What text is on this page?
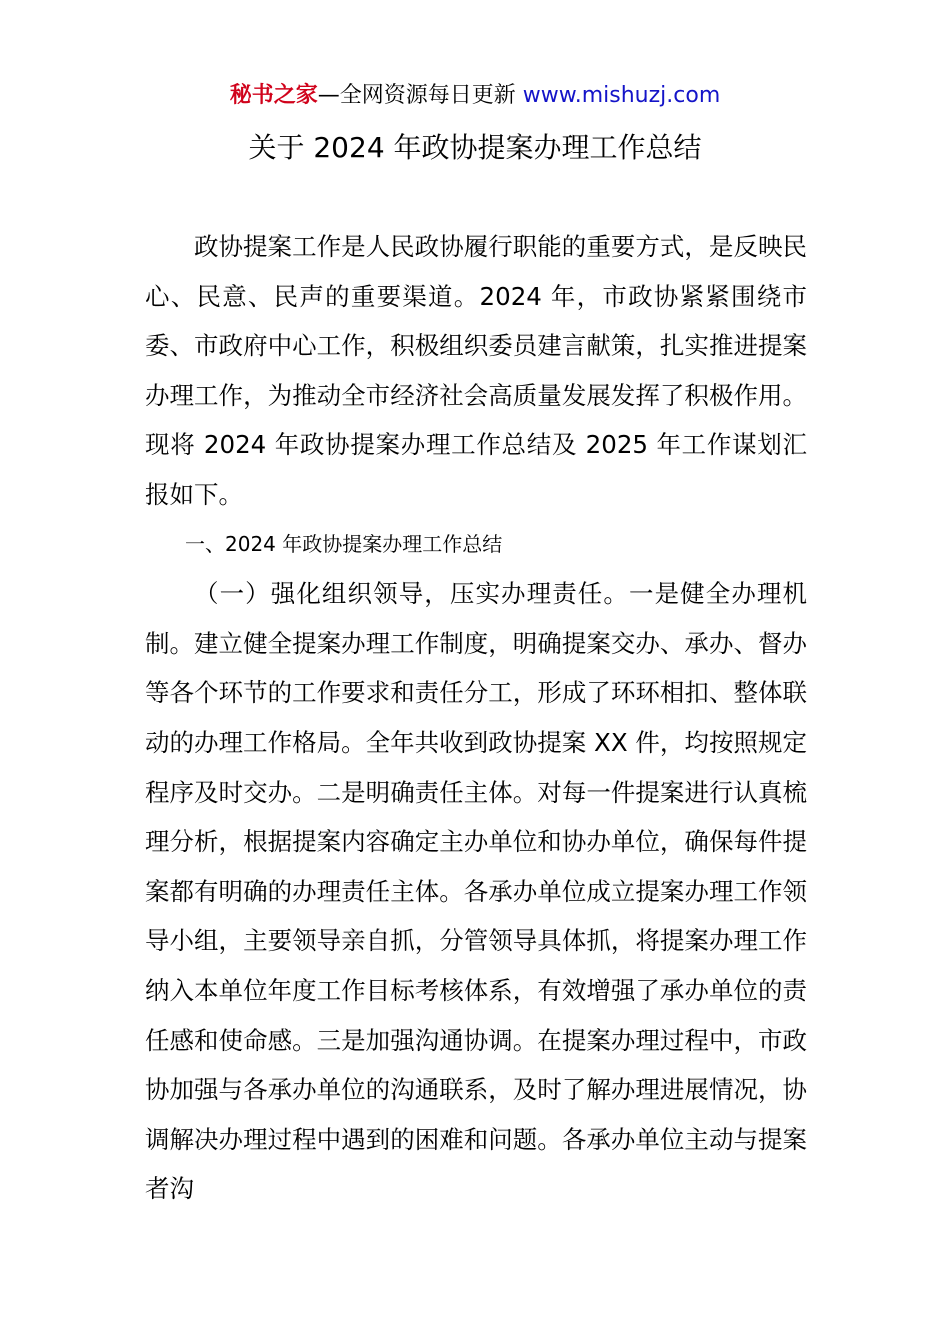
秘书之家—全网资源每日更新 www.mishuzj.com
关于 2024 年政协提案办理工作总结

政协提案工作是人民政协履行职能的重要方式，是反映民心、民意、民声的重要渠道。2024 年，市政协紧紧围绕市委、市政府中心工作，积极组织委员建言献策，扎实推进提案办理工作，为推动全市经济社会高质量发展发挥了积极作用。现将 2024 年政协提案办理工作总结及 2025 年工作谋划汇报如下。

一、2024 年政协提案办理工作总结

（一）强化组织领导，压实办理责任。一是健全办理机制。建立健全提案办理工作制度，明确提案交办、承办、督办等各个环节的工作要求和责任分工，形成了环环相扣、整体联动的办理工作格局。全年共收到政协提案 XX 件，均按照规定程序及时交办。二是明确责任主体。对每一件提案进行认真梳理分析，根据提案内容确定主办单位和协办单位，确保每件提案都有明确的办理责任主体。各承办单位成立提案办理工作领导小组，主要领导亲自抓，分管领导具体抓，将提案办理工作纳入本单位年度工作目标考核体系，有效增强了承办单位的责任感和使命感。三是加强沟通协调。在提案办理过程中，市政协加强与各承办单位的沟通联系，及时了解办理进展情况，协调解决办理过程中遇到的困难和问题。各承办单位主动与提案者沟
